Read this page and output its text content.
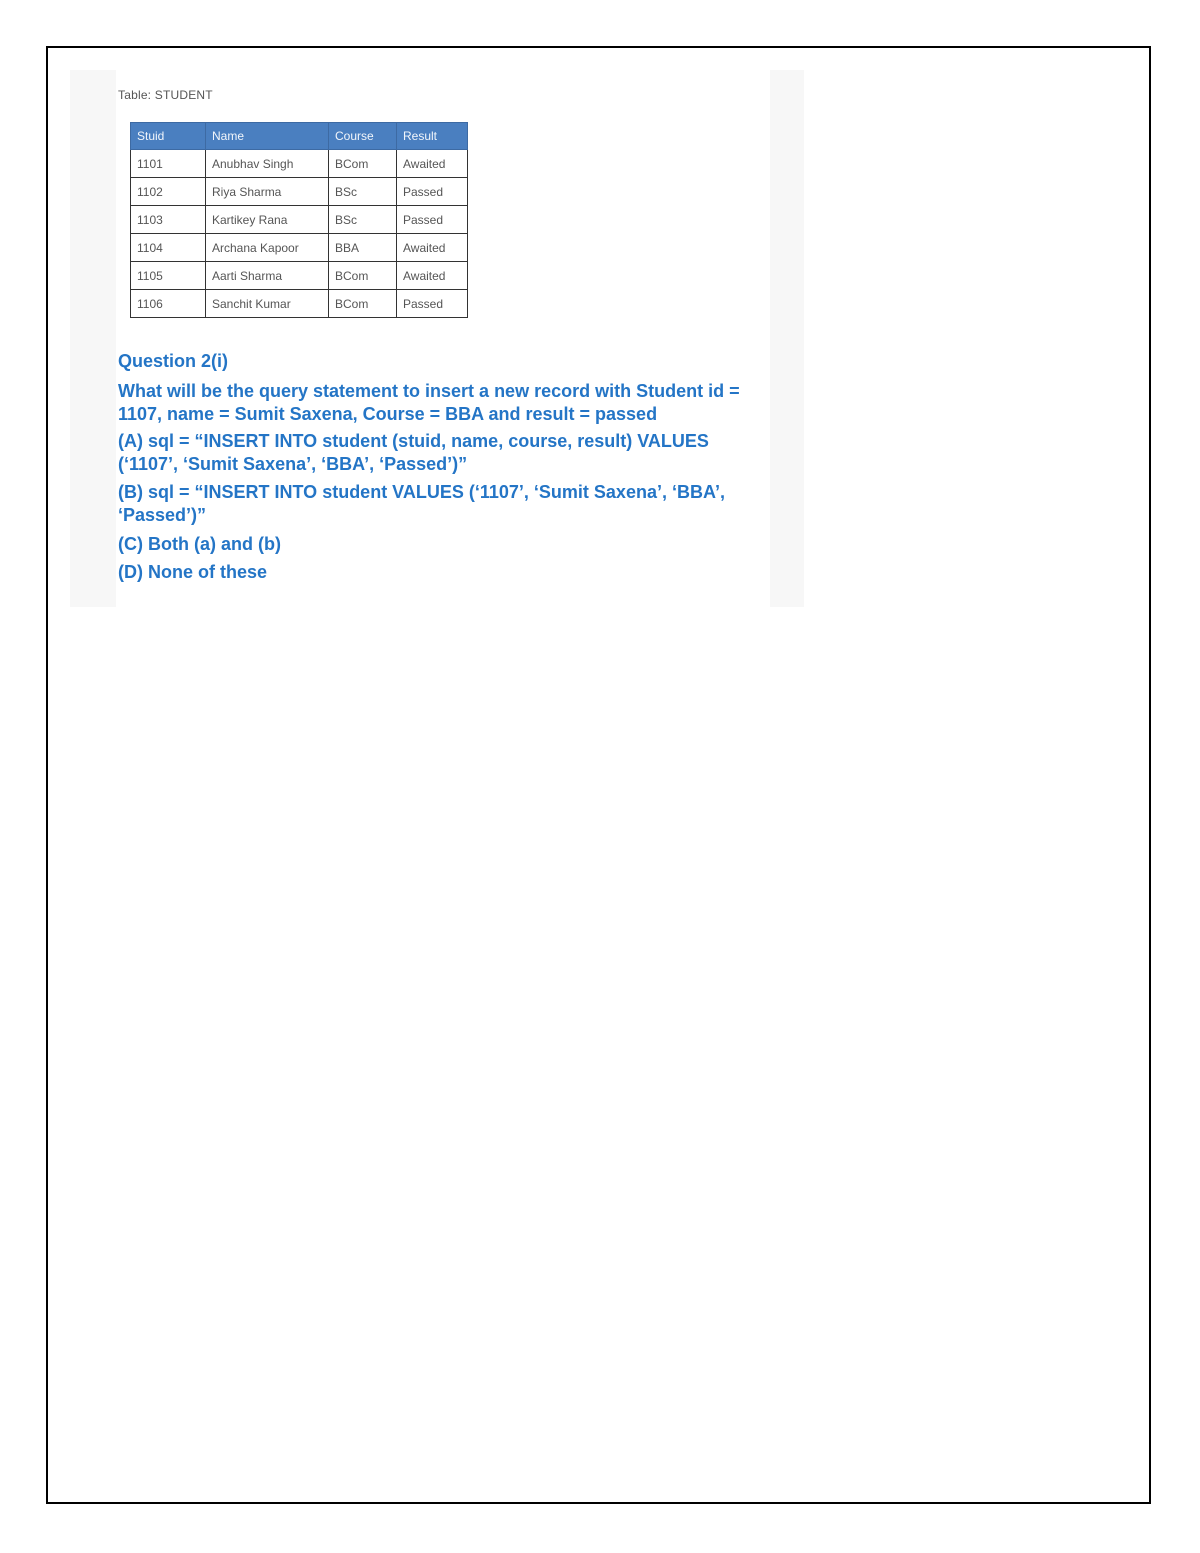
Table: STUDENT
Stuid	Name	Course	Result
1101	Anubhav Singh	BCom	Awaited
1102	Riya Sharma	BSc	Passed
1103	Kartikey Rana	BSc	Passed
1104	Archana Kapoor	BBA	Awaited
1105	Aarti Sharma	BCom	Awaited
1106	Sanchit Kumar	BCom	Passed
Question 2(i)
What will be the query statement to insert a new record with Student id = 1107, name = Sumit Saxena, Course = BBA and result = passed
(A) sql = “INSERT INTO student (stuid, name, course, result) VALUES (‘1107’, ‘Sumit Saxena’, ‘BBA’, ‘Passed’)”
(B) sql = “INSERT INTO student VALUES (‘1107’, ‘Sumit Saxena’, ‘BBA’, ‘Passed’)”
(C) Both (a) and (b)
(D) None of these
